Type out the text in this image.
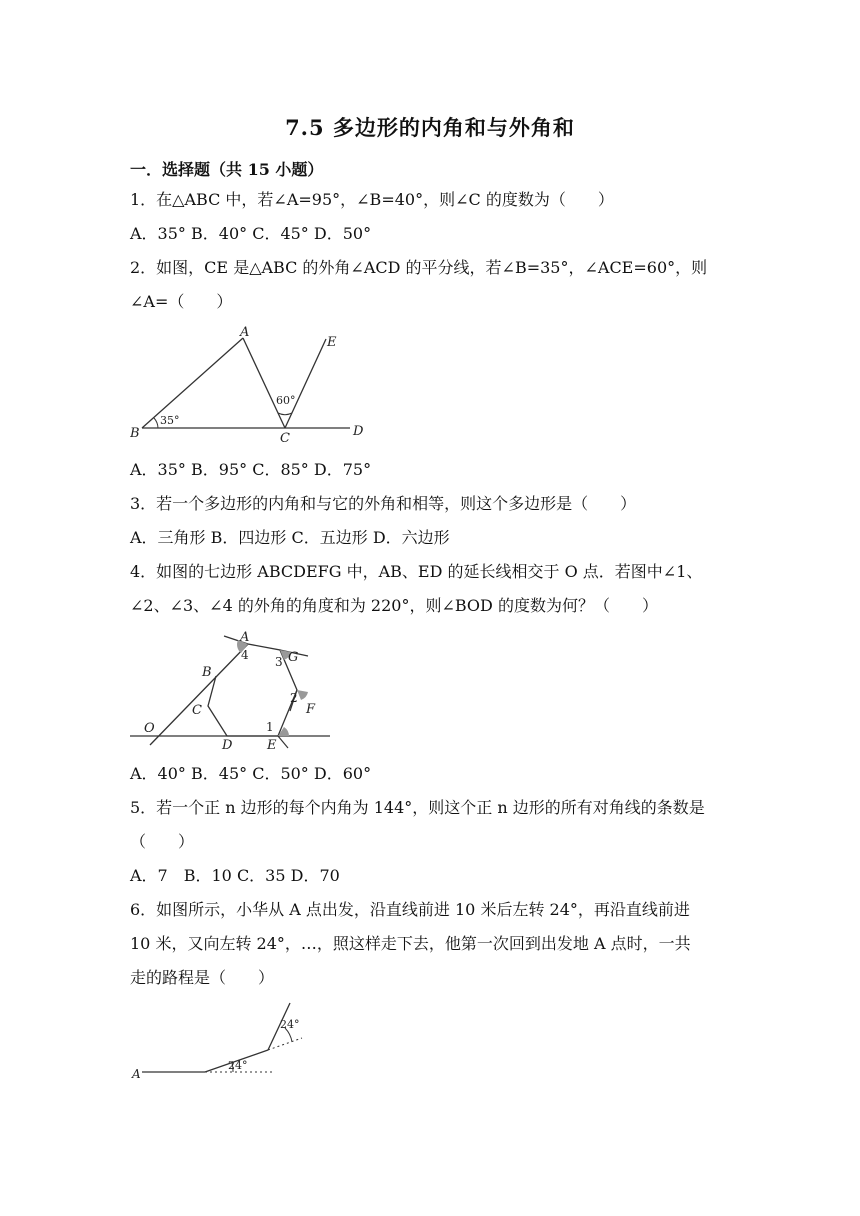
7.5 多边形的内角和与外角和
一．选择题（共 15 小题）
1．在△ABC 中，若∠A=95°，∠B=40°，则∠C 的度数为（　　）
A．35° B．40° C．45° D．50°
2．如图，CE 是△ABC 的外角∠ACD 的平分线，若∠B=35°，∠ACE=60°，则
∠A=（　　）
A
B	C	D
E
35°
60°
A．35° B．95° C．85° D．75°
3．若一个多边形的内角和与它的外角和相等，则这个多边形是（　　）
A．三角形 B．四边形 C．五边形 D．六边形
4．如图的七边形 ABCDEFG 中，AB、ED 的延长线相交于 O 点．若图中∠1、
∠2、∠3、∠4 的外角的角度和为 220°，则∠BOD 的度数为何？（　　）
A
B
C
D	E
F
G
O	1
2
3
4
A．40° B．45° C．50° D．60°
5．若一个正 n 边形的每个内角为 144°，则这个正 n 边形的所有对角线的条数是
（　　）
A．7　B．10 C．35 D．70
6．如图所示，小华从 A 点出发，沿直线前进 10 米后左转 24°，再沿直线前进
10 米，又向左转 24°，…，照这样走下去，他第一次回到出发地 A 点时，一共
走的路程是（　　）
A
24°
24°
